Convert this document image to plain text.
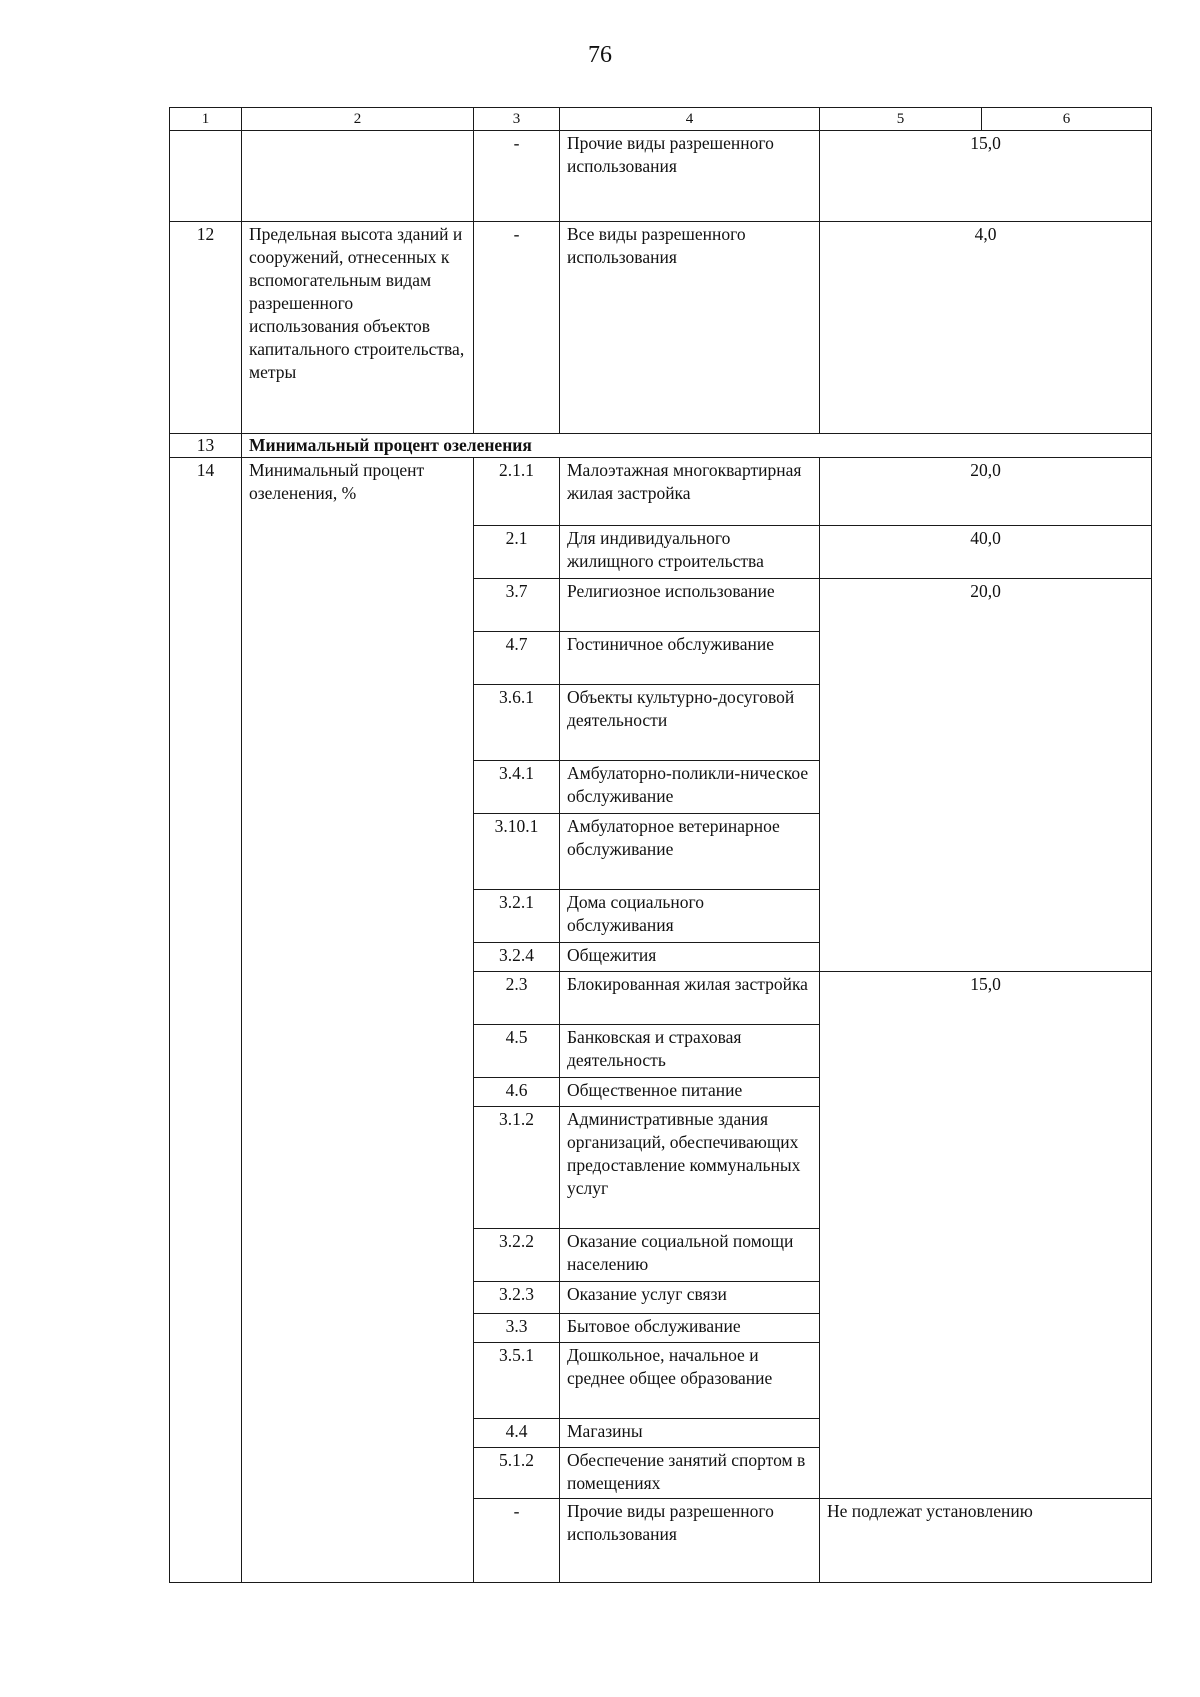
76
1	2	3	4	5	6
		-	Прочие виды разрешенного использования	15,0	
12	Предельная высота зданий и сооружений, отнесенных к вспомогательным видам разрешенного использования объектов капитального строительства, метры	-	Все виды разрешенного использования	4,0	
13	Минимальный процент озеленения				
14	Минимальный процент озеленения, %	2.1.1	Малоэтажная многоквартирная жилая застройка	20,0	
		2.1	Для индивидуального жилищного строительства	40,0	
		3.7	Религиозное использование	20,0	
		4.7	Гостиничное обслуживание		
		3.6.1	Объекты культурно-досуговой деятельности		
		3.4.1	Амбулаторно-поликли-ническое обслуживание		
		3.10.1	Амбулаторное ветеринарное обслуживание		
		3.2.1	Дома социального обслуживания		
		3.2.4	Общежития		
		2.3	Блокированная жилая застройка	15,0	
		4.5	Банковская и страховая деятельность		
		4.6	Общественное питание		
		3.1.2	Административные здания организаций, обеспечивающих предоставление коммунальных услуг		
		3.2.2	Оказание социальной помощи населению		
		3.2.3	Оказание услуг связи		
		3.3	Бытовое обслуживание		
		3.5.1	Дошкольное, начальное и среднее общее образование		
		4.4	Магазины		
		5.1.2	Обеспечение занятий спортом в помещениях		
		-	Прочие виды разрешенного использования	Не подлежат установлению	
